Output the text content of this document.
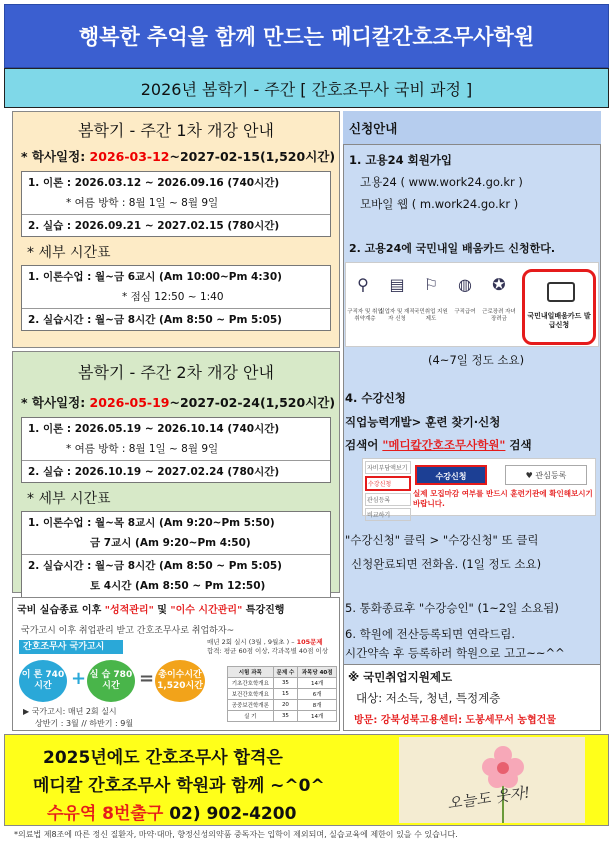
행복한 추억을 함께 만드는 메디칼간호조무사학원
2026년 봄학기 - 주간 [ 간호조무사 국비 과정 ]
봄학기 - 주간 1차 개강 안내
* 학사일정: 2026-03-12~2027-02-15(1,520시간)
1. 이론 : 2026.03.12 ~ 2026.09.16 (740시간)
* 여름 방학 : 8월 1일 ~ 8월 9일
2. 실습 : 2026.09.21 ~ 2027.02.15 (780시간)
* 세부 시간표
1. 이론수업 : 월~금 6교시 (Am 10:00~Pm 4:30)
* 점심 12:50 ~ 1:40
2. 실습시간 : 월~금 8시간 (Am 8:50 ~ Pm 5:05)
봄학기 - 주간 2차 개강 안내
* 학사일정: 2026-05-19~2027-02-24(1,520시간)
1. 이론 : 2026.05.19 ~ 2026.10.14 (740시간)
* 여름 방학 : 8월 1일 ~ 8월 9일
2. 실습 : 2026.10.19 ~ 2027.02.24 (780시간)
* 세부 시간표
1. 이론수업 : 월~목 8교시 (Am 9:20~Pm 5:50)
금 7교시 (Am 9:20~Pm 4:50)
2. 실습시간 : 월~금 8시간 (Am 8:50 ~ Pm 5:05)
토 4시간 (Am 8:50 ~ Pm 12:50)
국비 실습종료 이후 "성적관리" 및 "이수 시간관리" 특강진행
국가고시 이후 취업관리 받고 간호조무사로 취업하자~
간호조무사 국가고시
이 론 740시간	+ 실 습 780시간	= 총이수시간 1,520시간
▶ 국가고시: 매년 2회 실시
상반기 : 3월 // 하반기 : 9월
매년 2회 실시 (3월 , 9월초 ) – 105문제
합격: 평균 60점 이상, 각과목별 40점 이상
시험 과목	문제 수	과목당 40점
기초간호학개요	35	14개
보건간호학개요	15	6개
공중보건학개론	20	8개
실 기	35	14개
신청안내
1. 고용24 회원가입
고용24 ( www.work24.go.kr )
모바일 웹 ( m.work24.go.kr )
2. 고용24에 국민내일 배움카드 신청한다.
⚲
구직자 및 취업취약계층
▤
실업자 및 재직자 신청
⚐
국민취업 지원제도
◍
구직급여
✪
근로장려 자녀장려금	국민내일배움카드 발급신청
(4~7일 정도 소요)
4. 수강신청
직업능력개발> 훈련 찾기·신청
검색어 "메디칼간호조무사학원" 검색
자비부담액보기
수강신청
관심등록
비교하기
수강신청	♥ 관심등록
실제 모집마감 여부를 반드시 훈련기관에 확인해보시기 바랍니다.
"수강신청" 클릭 > "수강신청" 또 클릭
신청완료되면 전화옴. (1일 정도 소요)
5. 통화종료후 "수강승인" (1~2일 소요됨)
6. 학원에 전산등록되면 연락드림.
시간약속 후 등록하러 학원으로 고고~~^^
※ 국민취업지원제도
대상: 저소득, 청년, 특정계층
방문: 강북성북고용센터: 도봉세무서 농협건물
2025년에도 간호조무사 합격은
메디칼 간호조무사 학원과 함께 ~^0^
수유역 8번출구 02) 902-4200
오늘도 웃자!
*의료법 제8조에 따른 정신 질환자, 마약·대마, 향정신성의약품 중독자는 입학이 제외되며, 실습교육에 제한이 있을 수 있습니다.
